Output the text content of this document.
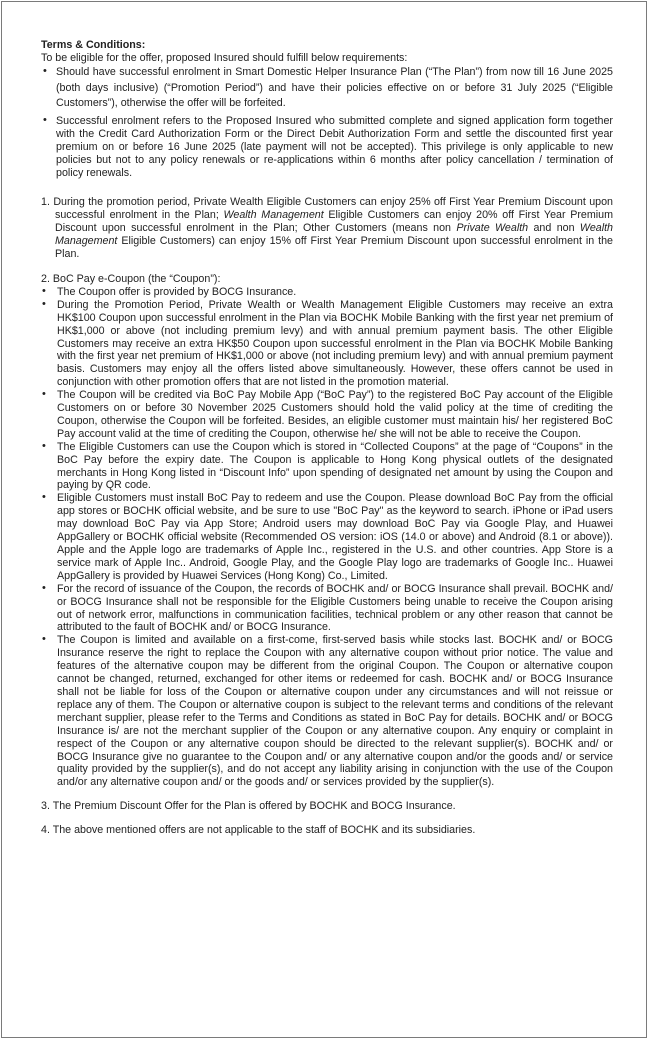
Terms & Conditions:

To be eligible for the offer, proposed Insured should fulfill below requirements:

• Should have successful enrolment in Smart Domestic Helper Insurance Plan (“The Plan”) from now till 16 June 2025 (both days inclusive) (“Promotion Period”) and have their policies effective on or before 31 July 2025 (“Eligible Customers”), otherwise the offer will be forfeited.
• Successful enrolment refers to the Proposed Insured who submitted complete and signed application form together with the Credit Card Authorization Form or the Direct Debit Authorization Form and settle the discounted first year premium on or before 16 June 2025 (late payment will not be accepted). This privilege is only applicable to new policies but not to any policy renewals or re-applications within 6 months after policy cancellation / termination of policy renewals.

1. During the promotion period, Private Wealth Eligible Customers can enjoy 25% off First Year Premium Discount upon successful enrolment in the Plan; Wealth Management Eligible Customers can enjoy 20% off First Year Premium Discount upon successful enrolment in the Plan; Other Customers (means non Private Wealth and non Wealth Management Eligible Customers) can enjoy 15% off First Year Premium Discount upon successful enrolment in the Plan.

2. BoC Pay e-Coupon (the “Coupon”):

• The Coupon offer is provided by BOCG Insurance.
• During the Promotion Period, Private Wealth or Wealth Management Eligible Customers may receive an extra HK$100 Coupon upon successful enrolment in the Plan via BOCHK Mobile Banking with the first year net premium of HK$1,000 or above (not including premium levy) and with annual premium payment basis. The other Eligible Customers may receive an extra HK$50 Coupon upon successful enrolment in the Plan via BOCHK Mobile Banking with the first year net premium of HK$1,000 or above (not including premium levy) and with annual premium payment basis. Customers may enjoy all the offers listed above simultaneously. However, these offers cannot be used in conjunction with other promotion offers that are not listed in the promotion material.
• The Coupon will be credited via BoC Pay Mobile App (“BoC Pay”) to the registered BoC Pay account of the Eligible Customers on or before 30 November 2025 Customers should hold the valid policy at the time of crediting the Coupon, otherwise the Coupon will be forfeited. Besides, an eligible customer must maintain his/ her registered BoC Pay account valid at the time of crediting the Coupon, otherwise he/ she will not be able to receive the Coupon.
• The Eligible Customers can use the Coupon which is stored in “Collected Coupons” at the page of “Coupons” in the BoC Pay before the expiry date. The Coupon is applicable to Hong Kong physical outlets of the designated merchants in Hong Kong listed in “Discount Info” upon spending of designated net amount by using the Coupon and paying by QR code.
• Eligible Customers must install BoC Pay to redeem and use the Coupon. Please download BoC Pay from the official app stores or BOCHK official website, and be sure to use "BoC Pay" as the keyword to search. iPhone or iPad users may download BoC Pay via App Store; Android users may download BoC Pay via Google Play, and Huawei AppGallery or BOCHK official website (Recommended OS version: iOS (14.0 or above) and Android (8.1 or above)). Apple and the Apple logo are trademarks of Apple Inc., registered in the U.S. and other countries. App Store is a service mark of Apple Inc.. Android, Google Play, and the Google Play logo are trademarks of Google Inc.. Huawei AppGallery is provided by Huawei Services (Hong Kong) Co., Limited.
• For the record of issuance of the Coupon, the records of BOCHK and/ or BOCG Insurance shall prevail. BOCHK and/ or BOCG Insurance shall not be responsible for the Eligible Customers being unable to receive the Coupon arising out of network error, malfunctions in communication facilities, technical problem or any other reason that cannot be attributed to the fault of BOCHK and/ or BOCG Insurance.
• The Coupon is limited and available on a first-come, first-served basis while stocks last. BOCHK and/ or BOCG Insurance reserve the right to replace the Coupon with any alternative coupon without prior notice. The value and features of the alternative coupon may be different from the original Coupon. The Coupon or alternative coupon cannot be changed, returned, exchanged for other items or redeemed for cash. BOCHK and/ or BOCG Insurance shall not be liable for loss of the Coupon or alternative coupon under any circumstances and will not reissue or replace any of them. The Coupon or alternative coupon is subject to the relevant terms and conditions of the relevant merchant supplier, please refer to the Terms and Conditions as stated in BoC Pay for details. BOCHK and/ or BOCG Insurance is/ are not the merchant supplier of the Coupon or any alternative coupon. Any enquiry or complaint in respect of the Coupon or any alternative coupon should be directed to the relevant supplier(s). BOCHK and/ or BOCG Insurance give no guarantee to the Coupon and/ or any alternative coupon and/or the goods and/ or service quality provided by the supplier(s), and do not accept any liability arising in conjunction with the use of the Coupon and/or any alternative coupon and/ or the goods and/ or services provided by the supplier(s).

3. The Premium Discount Offer for the Plan is offered by BOCHK and BOCG Insurance.

4. The above mentioned offers are not applicable to the staff of BOCHK and its subsidiaries.
